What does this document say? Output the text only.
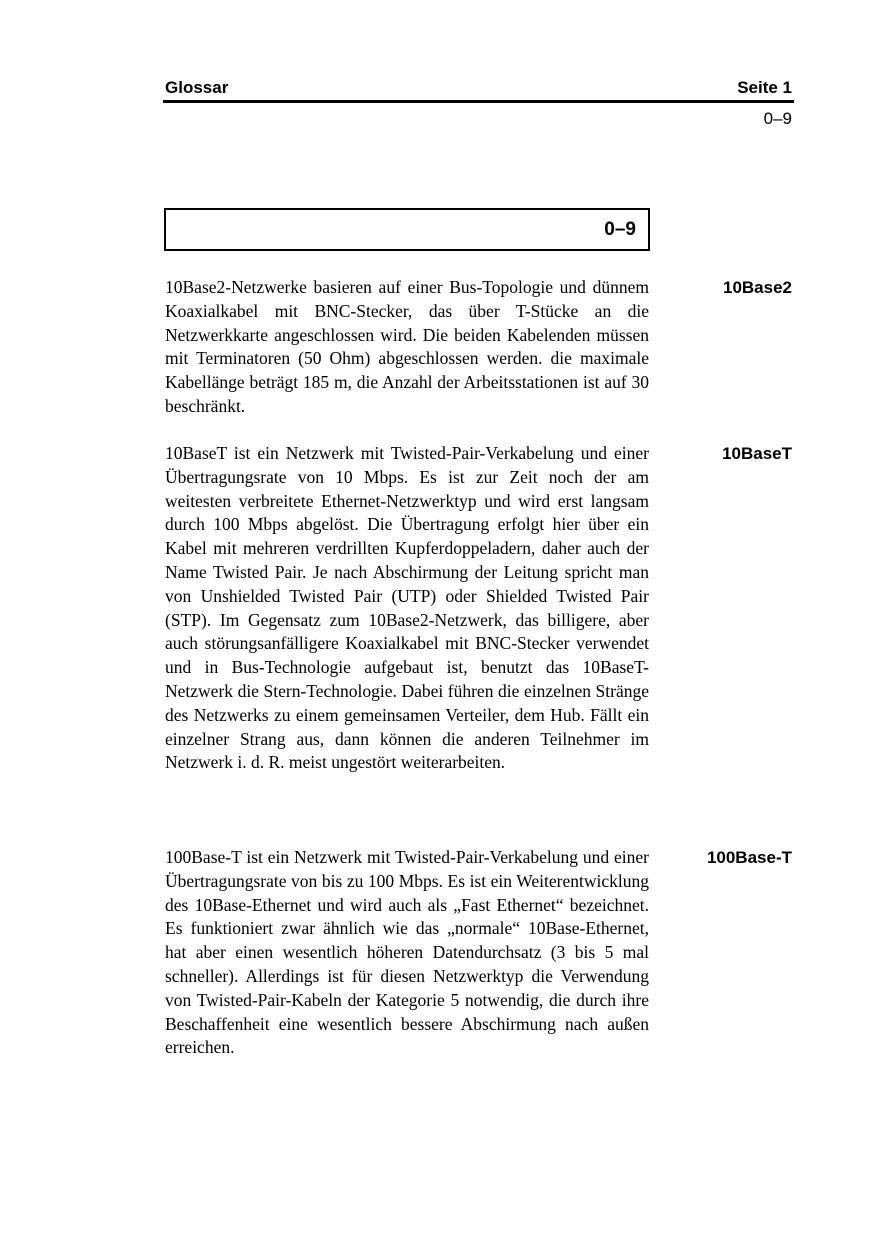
Glossar	Seite 1
0–9
0–9
10Base2-Netzwerke basieren auf einer Bus-Topologie und dünnem Koaxialkabel mit BNC-Stecker, das über T-Stücke an die Netzwerkkarte angeschlossen wird. Die beiden Kabelenden müssen mit Terminatoren (50 Ohm) abgeschlossen werden. die maximale Kabellänge beträgt 185 m, die Anzahl der Arbeitsstationen ist auf 30 beschränkt.
10Base2
10BaseT ist ein Netzwerk mit Twisted-Pair-Verkabelung und einer Übertragungsrate von 10 Mbps. Es ist zur Zeit noch der am weitesten verbreitete Ethernet-Netzwerktyp und wird erst langsam durch 100 Mbps abgelöst. Die Übertragung erfolgt hier über ein Kabel mit mehreren verdrillten Kupferdoppeladern, daher auch der Name Twisted Pair. Je nach Abschirmung der Leitung spricht man von Unshielded Twisted Pair (UTP) oder Shielded Twisted Pair (STP). Im Gegensatz zum 10Base2-Netzwerk, das billigere, aber auch störungsanfälligere Koaxialkabel mit BNC-Stecker verwendet und in Bus-Technologie aufgebaut ist, benutzt das 10BaseT-Netzwerk die Stern-Technologie. Dabei führen die einzelnen Stränge des Netzwerks zu einem gemeinsamen Verteiler, dem Hub. Fällt ein einzelner Strang aus, dann können die anderen Teilnehmer im Netzwerk i. d. R. meist ungestört weiterarbeiten.
10BaseT
100Base-T ist ein Netzwerk mit Twisted-Pair-Verkabelung und einer Übertragungsrate von bis zu 100 Mbps. Es ist ein Weiterentwicklung des 10Base-Ethernet und wird auch als „Fast Ethernet“ bezeichnet. Es funktioniert zwar ähnlich wie das „normale“ 10Base-Ethernet, hat aber einen wesentlich höheren Datendurchsatz (3 bis 5 mal schneller). Allerdings ist für diesen Netzwerktyp die Verwendung von Twisted-Pair-Kabeln der Kategorie 5 notwendig, die durch ihre Beschaffenheit eine wesentlich bessere Abschirmung nach außen erreichen.
100Base-T
